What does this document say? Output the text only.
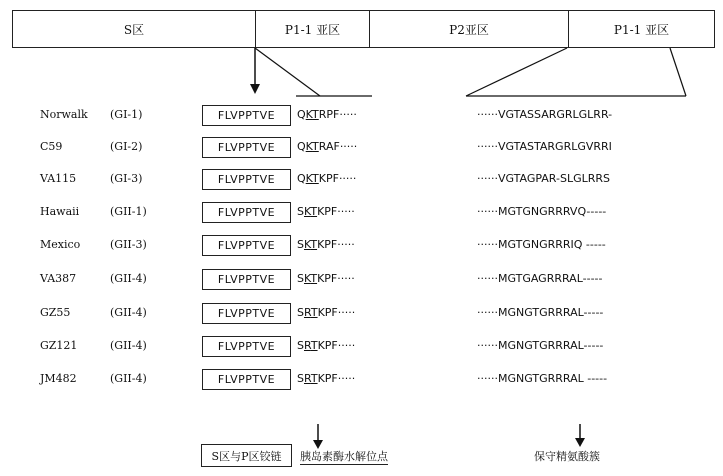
S区	P1-1 亚区	P2亚区	P1-1 亚区
Norwalk (GI-1)	FLVPPTVE	QKTRPF·····	······VGTASSARGRLGLRR-
C59	(GI-2)	FLVPPTVE	QKTRAF·····	······VGTASTARGRLGVRRI
VA115	(GI-3)	FLVPPTVE	QKTKPF·····	······VGTAGPAR-SLGLRRS
Hawaii	(GII-1)	FLVPPTVE	SKTKPF·····	······MGTGNGRRRVQ-----
Mexico	(GII-3)	FLVPPTVE	SKTKPF·····	······MGTGNGRRRIQ -----
VA387	(GII-4)	FLVPPTVE	SKTKPF·····	······MGTGAGRRRAL-----
GZ55	(GII-4)	FLVPPTVE	SRTKPF·····	······MGNGTGRRRAL-----
GZ121	(GII-4)	FLVPPTVE	SRTKPF·····	······MGNGTGRRRAL-----
JM482	(GII-4)	FLVPPTVE	SRTKPF·····	······MGNGTGRRRAL -----
S区与P区铰链	胰岛素酶水解位点	保守精氨酸簇
